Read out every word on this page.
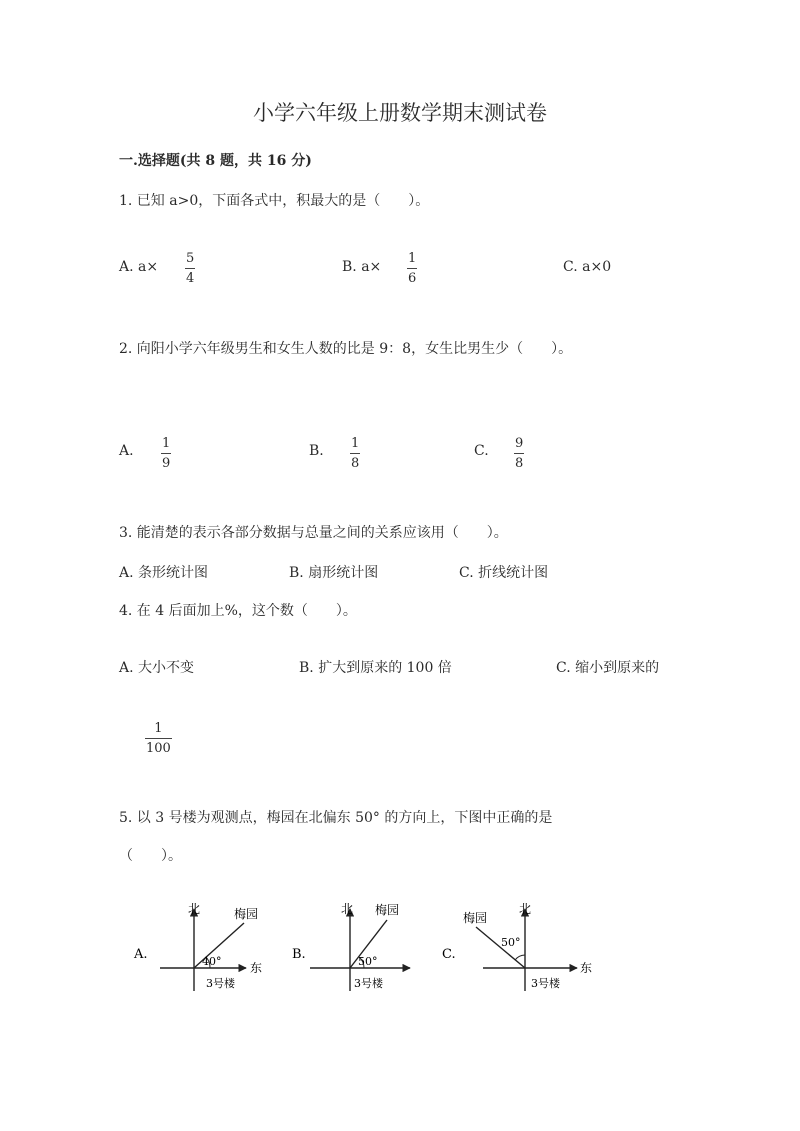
小学六年级上册数学期末测试卷
一.选择题(共 8 题，共 16 分)
1. 已知 a>0，下面各式中，积最大的是（　　）。
A. a×
5
4
B. a×
1
6
C. a×0
2. 向阳小学六年级男生和女生人数的比是 9：8，女生比男生少（　　）。
A. 1
9
B. 1
8
C. 9
8
3. 能清楚的表示各部分数据与总量之间的关系应该用（　　）。
A. 条形统计图	B. 扇形统计图	C. 折线统计图
4. 在 4 后面加上%，这个数（　　）。
A. 大小不变	B. 扩大到原来的 100 倍	C. 缩小到原来的
1
100
5. 以 3 号楼为观测点，梅园在北偏东 50° 的方向上，下图中正确的是
（　　）。
A.
北	梅园
东
40°
3号楼
B.
北 梅园
50°
3号楼
C.
北
梅园
东
50°
3号楼
